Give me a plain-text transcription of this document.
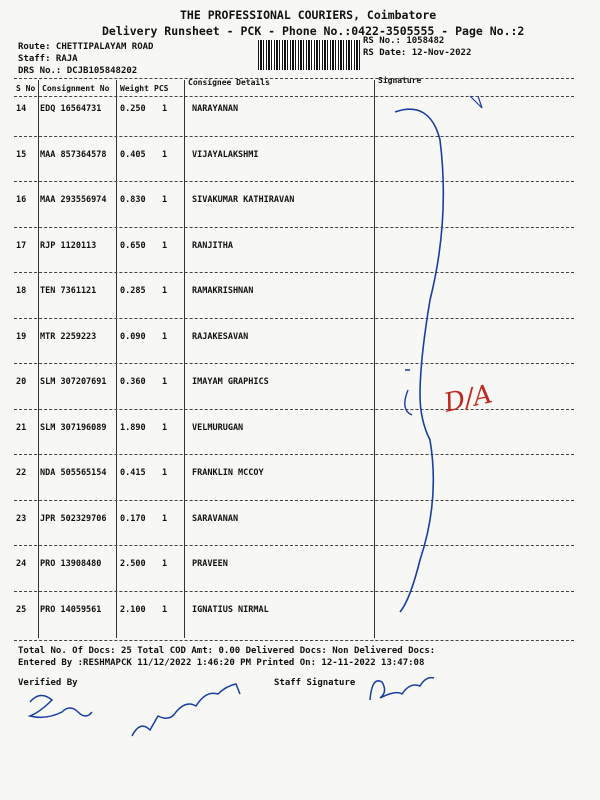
THE PROFESSIONAL COURIERS, Coimbatore
Delivery Runsheet - PCK - Phone No.:0422-3505555 - Page No.:2
Route: CHETTIPALAYAM ROAD
Staff: RAJA
DRS No.: DCJB105848202
RS No.: 1058482
RS Date: 12-Nov-2022
S No Consignment No Weight PCS
Consignee Details	Signature
14 EDQ 16564731 0.250 1	NARAYANAN
15 MAA 857364578 0.405 1	VIJAYALAKSHMI
16 MAA 293556974 0.830 1	SIVAKUMAR KATHIRAVAN
17 RJP 1120113	0.650 1	RANJITHA
18 TEN 7361121	0.285 1	RAMAKRISHNAN
19 MTR 2259223	0.090 1	RAJAKESAVAN
20 SLM 307207691 0.360 1	IMAYAM GRAPHICS
21 SLM 307196089 1.890 1	VELMURUGAN
22 NDA 505565154 0.415 1	FRANKLIN MCCOY
23 JPR 502329706 0.170 1	SARAVANAN
24 PRO 13908480 2.500 1	PRAVEEN
25 PRO 14059561 2.100 1	IGNATIUS NIRMAL
Total No. Of Docs: 25 Total COD Amt: 0.00 Delivered Docs: Non Delivered Docs:
Entered By :RESHMAPCK 11/12/2022 1:46:20 PM Printed On: 12-11-2022 13:47:08
Verified By	Staff Signature
D/A
